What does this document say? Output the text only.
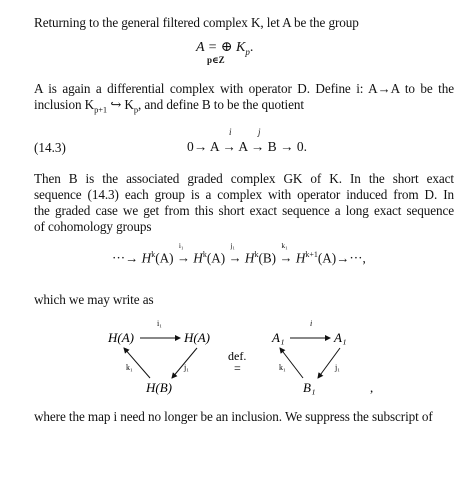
Returning to the general filtered complex K, let A be the group
A = ⊕ $K_p$.
p∈Z
A is again a differential complex with operator D. Define i: A→A to be the
inclusion $K_{p+1}$ ↪ $K_p$, and define B to be the quotient
(14.3)	0→ A → A → B → 0.
i	j
Then B is the associated graded complex GK of K. In the short exact
sequence (14.3) each group is a complex with operator induced from D. In
the graded case we get from this short exact sequence a long exact sequence
of cohomology groups
···→ $H^k(A)$ →
i₁
$H^k(A)$ →
j₁
$H^k(B)$ →
k₁
$H^{k+1}(A)\to\cdot\cdot\cdot$,
which we may write as
H(A)	H(A)
H(B)
i₁
j₁
k₁
def.
=
A₁	A₁
B₁	,
i
j₁
k₁
where the map i need no longer be an inclusion. We suppress the subscript of
